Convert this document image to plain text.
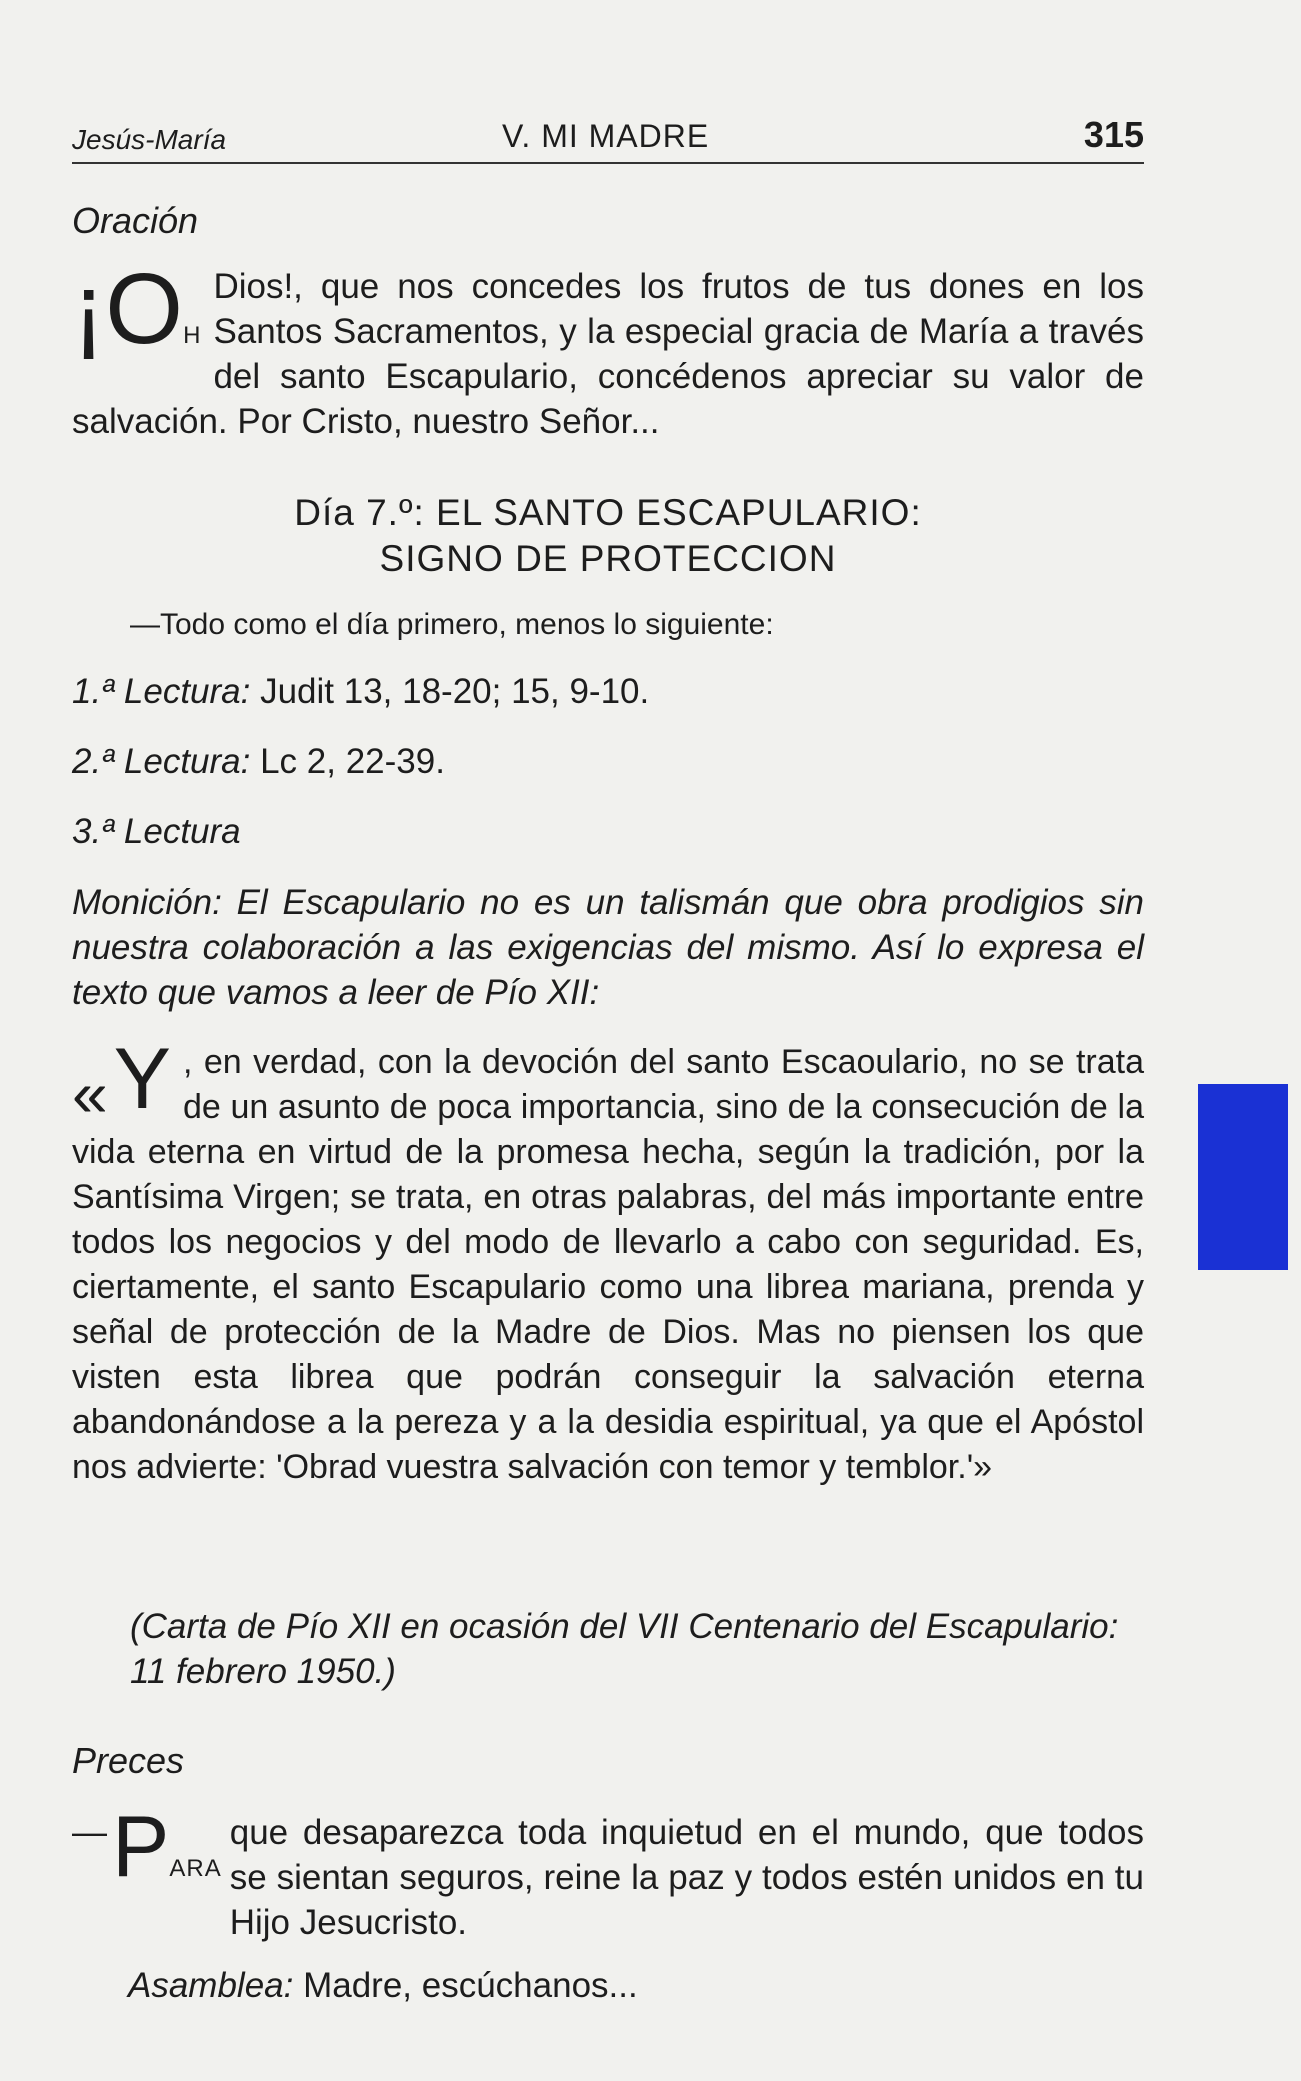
Jesús-María	V. MI MADRE	315
Oración
¡OH
Dios!, que nos concedes los frutos de tus dones en los Santos Sacramentos, y la especial gracia de María a través del santo Escapulario, concédenos apreciar su valor de salvación. Por Cristo, nuestro Señor...
Día 7.º: EL SANTO ESCAPULARIO:
SIGNO DE PROTECCION
—Todo como el día primero, menos lo siguiente:
1.ª Lectura: Judit 13, 18-20; 15, 9-10.
2.ª Lectura: Lc 2, 22-39.
3.ª Lectura
Monición: El Escapulario no es un talismán que obra prodigios sin nuestra colaboración a las exigencias del mismo. Así lo expresa el texto que vamos a leer de Pío XII:
« Y , en verdad, con la devoción del santo Escaoulario, no se trata de un asunto de poca importancia, sino de la consecución de la vida eterna en virtud de la promesa hecha, según la tradición, por la Santísima Virgen; se trata, en otras palabras, del más importante entre todos los negocios y del modo de llevarlo a cabo con seguridad. Es, ciertamente, el santo Escapulario como una librea mariana, prenda y señal de protección de la Madre de Dios. Mas no piensen los que visten esta librea que podrán conseguir la salvación eterna abandonándose a la pereza y a la desidia espiritual, ya que el Apóstol nos advierte: 'Obrad vuestra salvación con temor y temblor.'»
(Carta de Pío XII en ocasión del VII Centenario del Escapulario: 11 febrero 1950.)
Preces
— PARA
que desaparezca toda inquietud en el mundo, que todos se sientan seguros, reine la paz y todos estén unidos en tu Hijo Jesucristo.
Asamblea: Madre, escúchanos...
